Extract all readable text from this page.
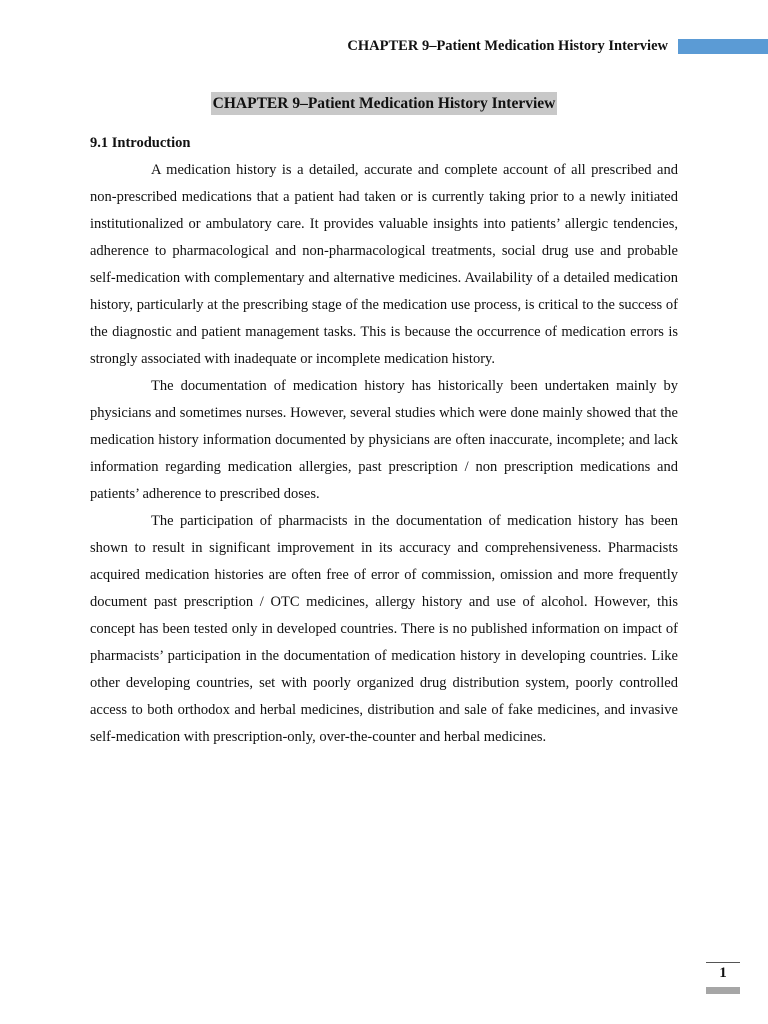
CHAPTER 9–Patient Medication History Interview
CHAPTER 9–Patient Medication History Interview
9.1 Introduction

A medication history is a detailed, accurate and complete account of all prescribed and non-prescribed medications that a patient had taken or is currently taking prior to a newly initiated institutionalized or ambulatory care. It provides valuable insights into patients’ allergic tendencies, adherence to pharmacological and non-pharmacological treatments, social drug use and probable self-medication with complementary and alternative medicines. Availability of a detailed medication history, particularly at the prescribing stage of the medication use process, is critical to the success of the diagnostic and patient management tasks. This is because the occurrence of medication errors is strongly associated with inadequate or incomplete medication history.

The documentation of medication history has historically been undertaken mainly by physicians and sometimes nurses. However, several studies which were done mainly showed that the medication history information documented by physicians are often inaccurate, incomplete; and lack information regarding medication allergies, past prescription / non prescription medications and patients’ adherence to prescribed doses.

The participation of pharmacists in the documentation of medication history has been shown to result in significant improvement in its accuracy and comprehensiveness. Pharmacists acquired medication histories are often free of error of commission, omission and more frequently document past prescription / OTC medicines, allergy history and use of alcohol. However, this concept has been tested only in developed countries. There is no published information on impact of pharmacists’ participation in the documentation of medication history in developing countries. Like other developing countries, set with poorly organized drug distribution system, poorly controlled access to both orthodox and herbal medicines, distribution and sale of fake medicines, and invasive self-medication with prescription-only, over-the-counter and herbal medicines.

1
